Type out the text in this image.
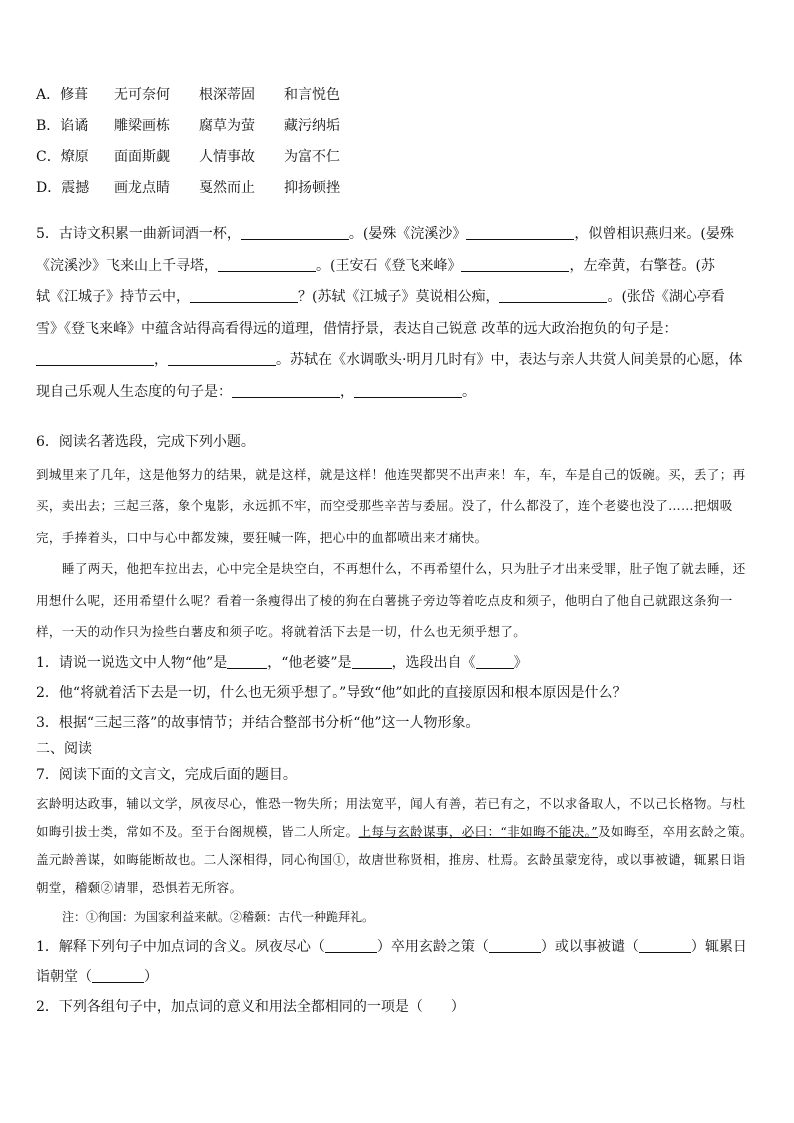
A．修葺 无可奈何 根深蒂固 和言悦色
B．谄谲 雕梁画栋 腐草为萤 藏污纳垢
C．燎原 面面斯觑 人情事故 为富不仁
D．震撼 画龙点睛 戛然而止 抑扬顿挫

5．古诗文积累一曲新词酒一杯，	。(晏殊《浣溪沙》	，似曾相识燕归来。(晏殊
《浣溪沙》飞来山上千寻塔，	。(王安石《登飞来峰》	，左牵黄，右擎苍。(苏
轼《江城子》持节云中，	？(苏轼《江城子》莫说相公痴，	。(张岱《湖心亭看
雪》《登飞来峰》中蕴含站得高看得远的道理，借情抒景，表达自己锐意 改革的远大政治抱负的句子是：
，	。苏轼在《水调歌头·明月几时有》中，表达与亲人共赏人间美景的心愿，体
现自己乐观人生态度的句子是：	，	。

6．阅读名著选段，完成下列小题。

到城里来了几年，这是他努力的结果，就是这样，就是这样！他连哭都哭不出声来！车，车，车是自己的饭碗。买，丢了；再买，卖出去；三起三落，象个鬼影，永远抓不牢，而空受那些辛苦与委屈。没了，什么都没了，连个老婆也没了……把烟吸完，手捧着头，口中与心中都发辣，要狂喊一阵，把心中的血都喷出来才痛快。

睡了两天，他把车拉出去，心中完全是块空白，不再想什么，不再希望什么，只为肚子才出来受罪，肚子饱了就去睡，还用想什么呢，还用希望什么呢？看着一条瘦得出了棱的狗在白薯挑子旁边等着吃点皮和须子，他明白了他自己就跟这条狗一样，一天的动作只为捡些白薯皮和须子吃。将就着活下去是一切，什么也无须乎想了。

1．请说一说选文中人物“他”是	，“他老婆”是	，选段出自《	》

2．他“将就着活下去是一切，什么也无须乎想了。”导致“他”如此的直接原因和根本原因是什么？

3．根据“三起三落”的故事情节；并结合整部书分析“他”这一人物形象。

二、阅读

7．阅读下面的文言文，完成后面的题目。

玄龄明达政事，辅以文学，夙夜尽心，惟恐一物失所；用法宽平，闻人有善，若已有之，不以求备取人，不以己长格物。与杜如晦引拔士类，常如不及。至于台阁规模，皆二人所定。上每与玄龄谋事，必曰：“非如晦不能决。”及如晦至，卒用玄龄之策。盖元龄善谋，如晦能断故也。二人深相得，同心徇国①，故唐世称贤相，推房、杜焉。玄龄虽蒙宠待，或以事被谴，辄累日诣朝堂，稽颡②请罪，恐惧若无所容。

注：①徇国：为国家利益来献。②稽颡：古代一种跪拜礼。

1．解释下列句子中加点词的含义。夙夜尽心（	）卒用玄龄之策（	）或以事被谴（	）辄累日
诣朝堂（	）

2．下列各组句子中，加点词的意义和用法全都相同的一项是（　　）
